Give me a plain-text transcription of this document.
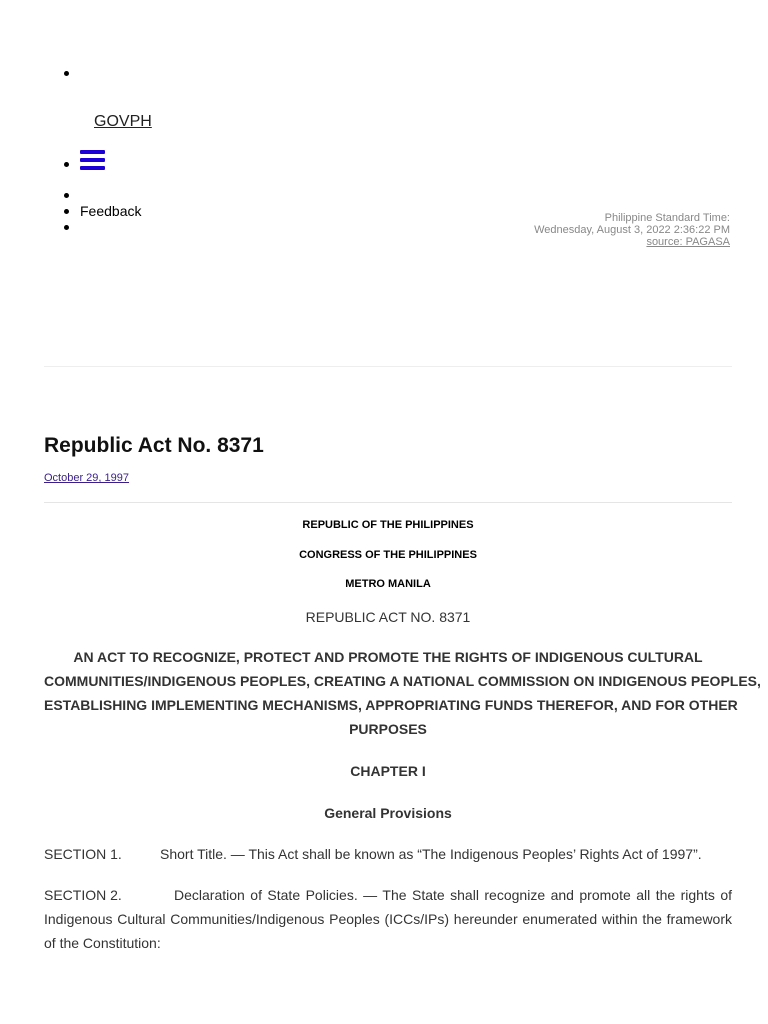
GOVPH
Feedback	Philippine Standard Time:
Wednesday, August 3, 2022 2:36:22 PM
source: PAGASA
Republic Act No. 8371
October 29, 1997

REPUBLIC OF THE PHILIPPINES

CONGRESS OF THE PHILIPPINES

METRO MANILA

REPUBLIC ACT NO. 8371

AN ACT TO RECOGNIZE, PROTECT AND PROMOTE THE RIGHTS OF INDIGENOUS CULTURAL
COMMUNITIES/INDIGENOUS PEOPLES, CREATING A NATIONAL COMMISSION ON INDIGENOUS PEOPLES,
ESTABLISHING IMPLEMENTING MECHANISMS, APPROPRIATING FUNDS THEREFOR, AND FOR OTHER
PURPOSES

CHAPTER I

General Provisions

SECTION 1.	Short Title. — This Act shall be known as “The Indigenous Peoples’ Rights Act of 1997”.

SECTION 2.	Declaration of State Policies. — The State shall recognize and promote all the rights of Indigenous Cultural Communities/Indigenous Peoples (ICCs/IPs) hereunder enumerated within the framework of the Constitution:
